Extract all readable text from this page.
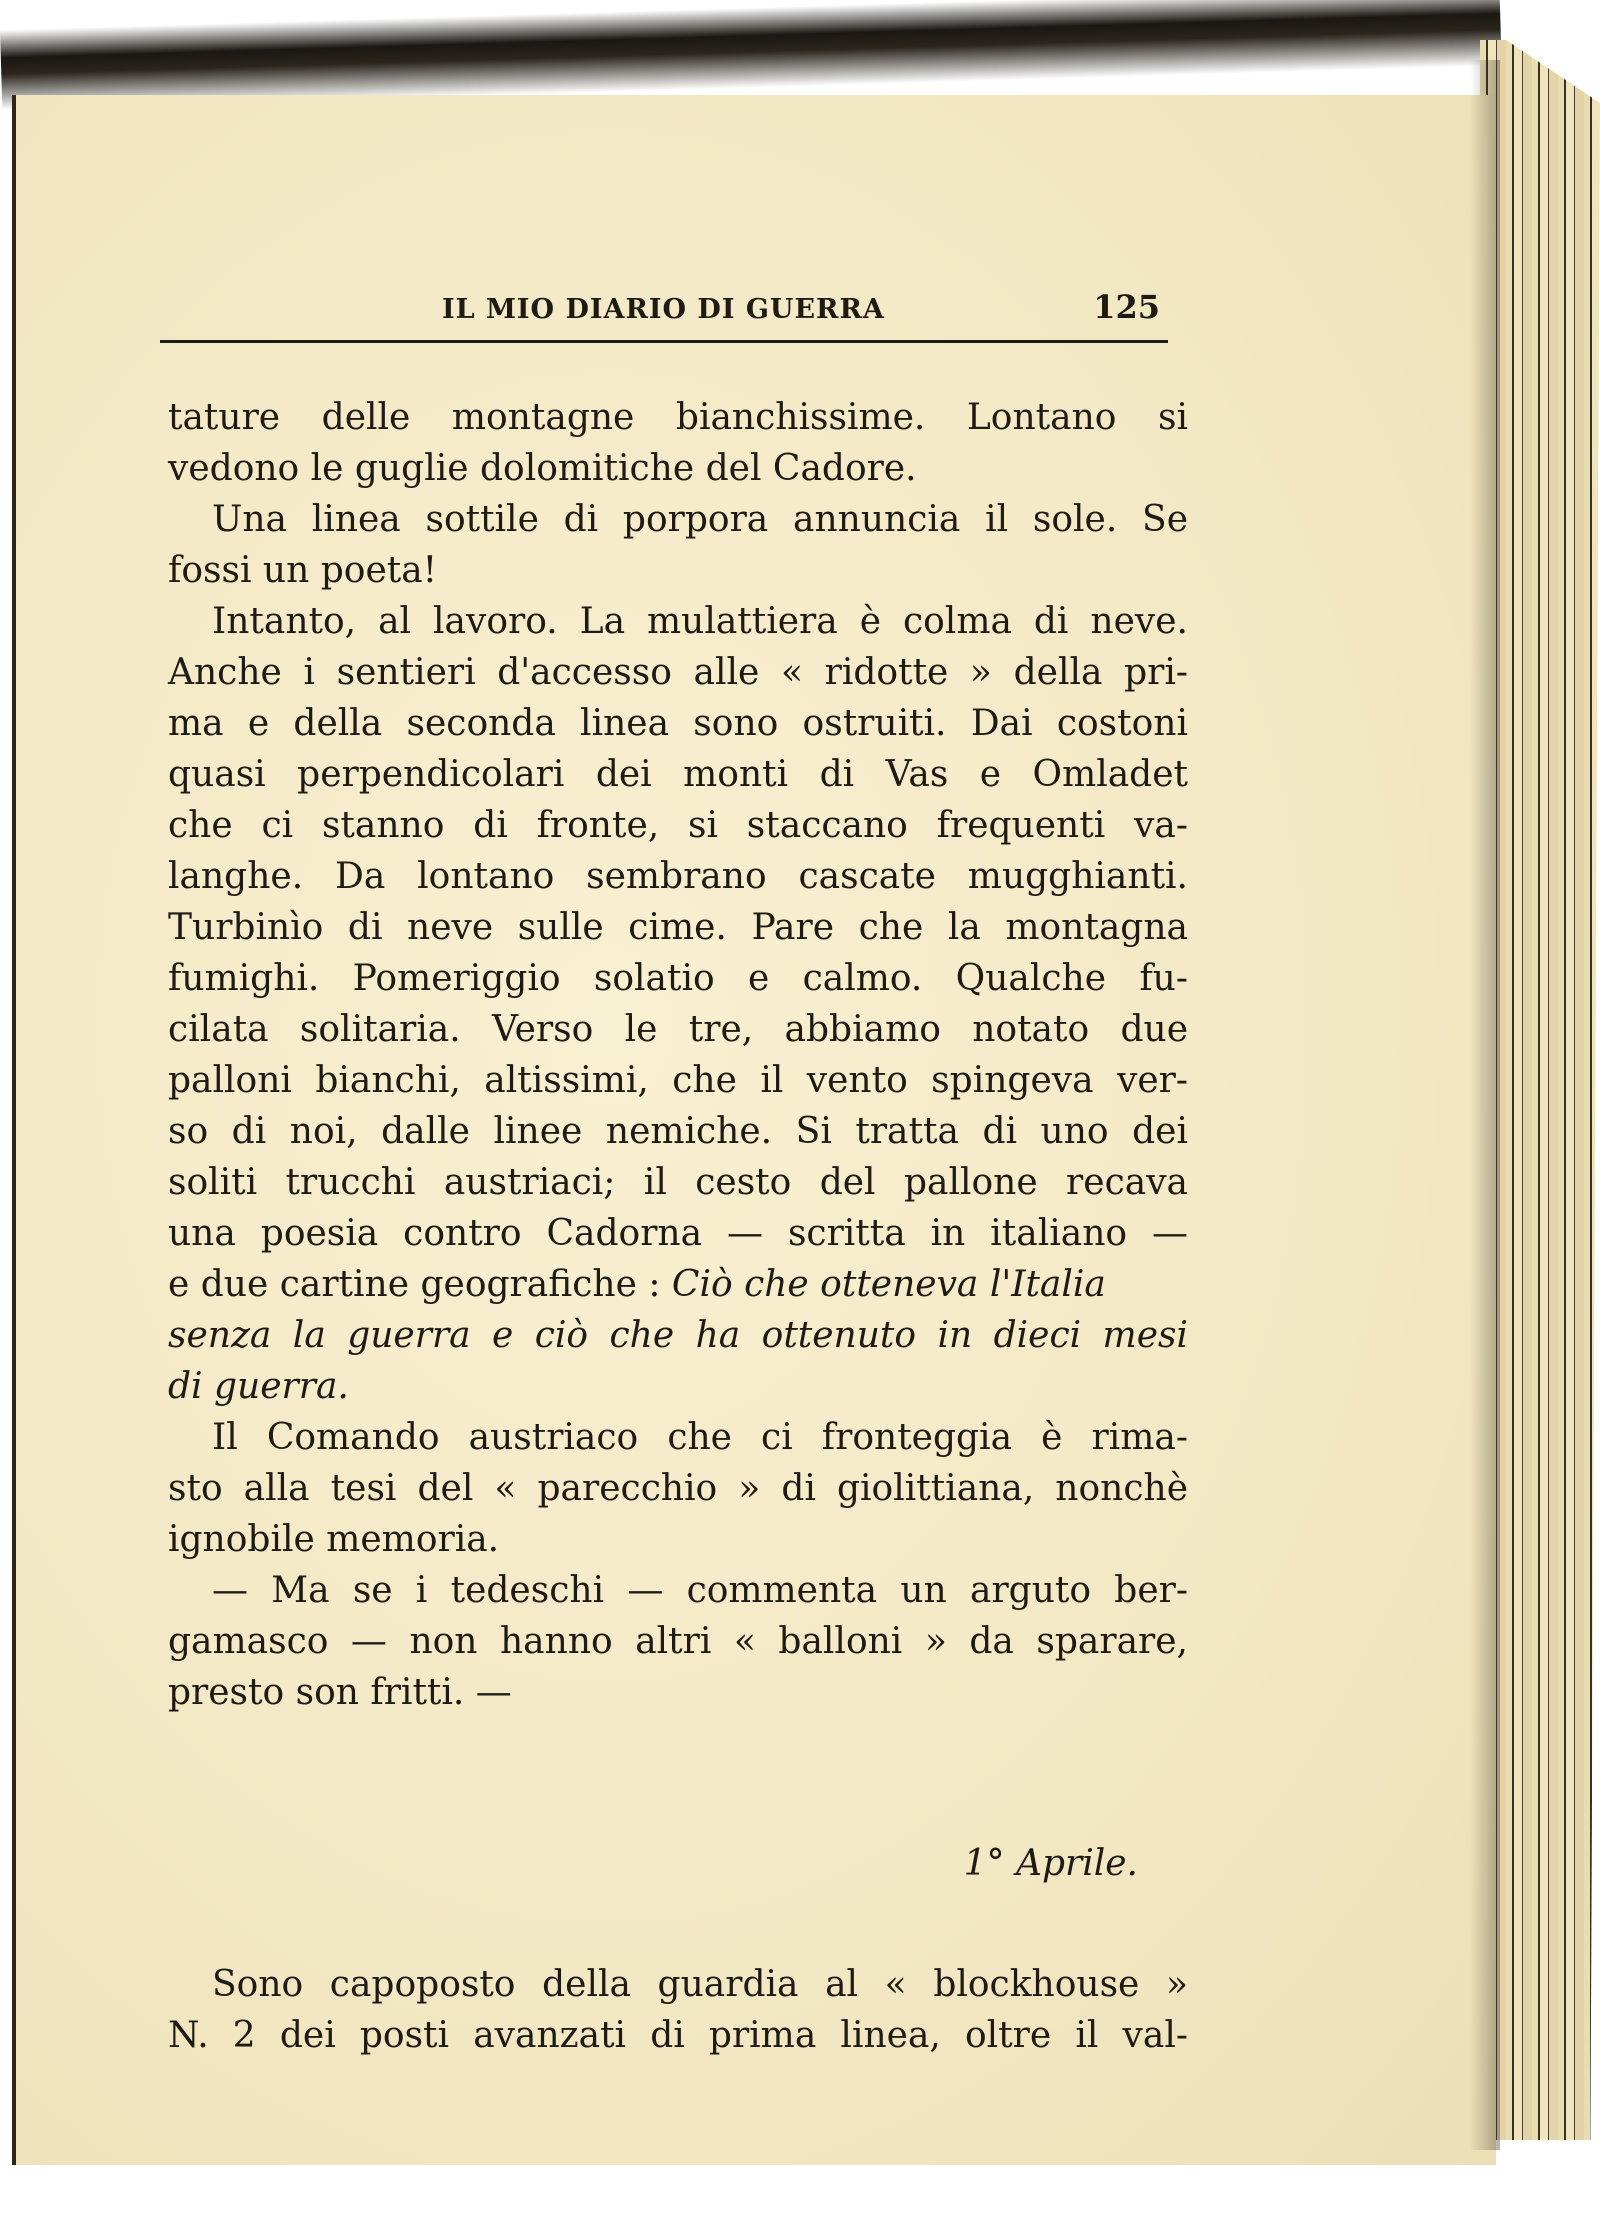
IL MIO DIARIO DI GUERRA	125
tature delle montagne bianchissime. Lontano si
vedono le guglie dolomitiche del Cadore.
Una linea sottile di porpora annuncia il sole. Se
fossi un poeta!
Intanto, al lavoro. La mulattiera è colma di neve.
Anche i sentieri d'accesso alle « ridotte » della pri-
ma e della seconda linea sono ostruiti. Dai costoni
quasi perpendicolari dei monti di Vas e Omladet
che ci stanno di fronte, si staccano frequenti va-
langhe. Da lontano sembrano cascate mugghianti.
Turbinìo di neve sulle cime. Pare che la montagna
fumighi. Pomeriggio solatio e calmo. Qualche fu-
cilata solitaria. Verso le tre, abbiamo notato due
palloni bianchi, altissimi, che il vento spingeva ver-
so di noi, dalle linee nemiche. Si tratta di uno dei
soliti trucchi austriaci; il cesto del pallone recava
una poesia contro Cadorna — scritta in italiano —
e due cartine geografiche : Ciò che otteneva l'Italia
senza la guerra e ciò che ha ottenuto in dieci mesi
di guerra.
Il Comando austriaco che ci fronteggia è rima-
sto alla tesi del « parecchio » di giolittiana, nonchè
ignobile memoria.
— Ma se i tedeschi — commenta un arguto ber-
gamasco — non hanno altri « balloni » da sparare,
presto son fritti. —
1° Aprile.
Sono capoposto della guardia al « blockhouse »
N. 2 dei posti avanzati di prima linea, oltre il val-
